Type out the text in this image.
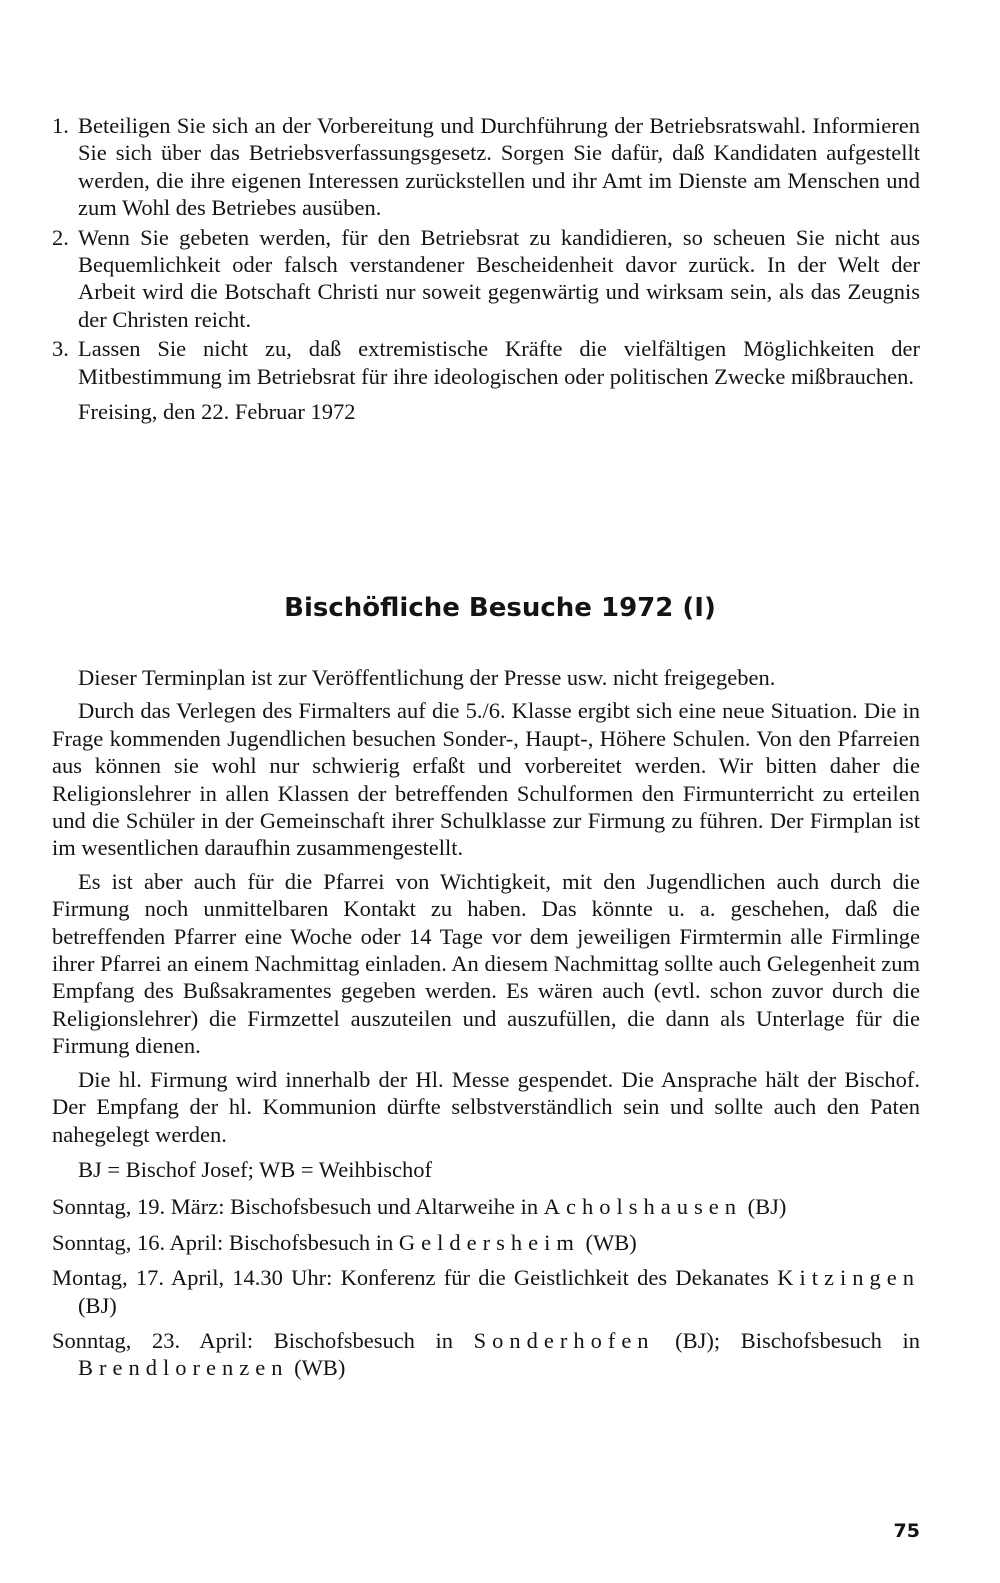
1. Beteiligen Sie sich an der Vorbereitung und Durchführung der Betriebsratswahl. Informieren Sie sich über das Betriebsverfassungsgesetz. Sorgen Sie dafür, daß Kandidaten aufgestellt werden, die ihre eigenen Interessen zurückstellen und ihr Amt im Dienste am Menschen und zum Wohl des Betriebes ausüben.

2. Wenn Sie gebeten werden, für den Betriebsrat zu kandidieren, so scheuen Sie nicht aus Bequemlichkeit oder falsch verstandener Bescheidenheit davor zurück. In der Welt der Arbeit wird die Botschaft Christi nur soweit gegenwärtig und wirksam sein, als das Zeugnis der Christen reicht.

3. Lassen Sie nicht zu, daß extremistische Kräfte die vielfältigen Möglichkeiten der Mitbestimmung im Betriebsrat für ihre ideologischen oder politischen Zwecke mißbrauchen.

Freising, den 22. Februar 1972

Bischöfliche Besuche 1972 (I)

Dieser Terminplan ist zur Veröffentlichung der Presse usw. nicht freigegeben.

Durch das Verlegen des Firmalters auf die 5./6. Klasse ergibt sich eine neue Situation. Die in Frage kommenden Jugendlichen besuchen Sonder-, Haupt-, Höhere Schulen. Von den Pfarreien aus können sie wohl nur schwierig erfaßt und vorbereitet werden. Wir bitten daher die Religionslehrer in allen Klassen der betreffenden Schulformen den Firmunterricht zu erteilen und die Schüler in der Gemeinschaft ihrer Schulklasse zur Firmung zu führen. Der Firmplan ist im wesentlichen daraufhin zusammengestellt.

Es ist aber auch für die Pfarrei von Wichtigkeit, mit den Jugendlichen auch durch die Firmung noch unmittelbaren Kontakt zu haben. Das könnte u. a. geschehen, daß die betreffenden Pfarrer eine Woche oder 14 Tage vor dem jeweiligen Firmtermin alle Firmlinge ihrer Pfarrei an einem Nachmittag einladen. An diesem Nachmittag sollte auch Gelegenheit zum Empfang des Bußsakramentes gegeben werden. Es wären auch (evtl. schon zuvor durch die Religionslehrer) die Firmzettel auszuteilen und auszufüllen, die dann als Unterlage für die Firmung dienen.

Die hl. Firmung wird innerhalb der Hl. Messe gespendet. Die Ansprache hält der Bischof. Der Empfang der hl. Kommunion dürfte selbstverständlich sein und sollte auch den Paten nahegelegt werden.

BJ = Bischof Josef; WB = Weihbischof

Sonntag, 19. März: Bischofsbesuch und Altarweihe in Acholshausen (BJ)

Sonntag, 16. April: Bischofsbesuch in Geldersheim (WB)

Montag, 17. April, 14.30 Uhr: Konferenz für die Geistlichkeit des Dekanates Kitzingen (BJ)

Sonntag, 23. April: Bischofsbesuch in Sonderhofen (BJ); Bischofsbesuch in Brendlorenzen (WB)

75
